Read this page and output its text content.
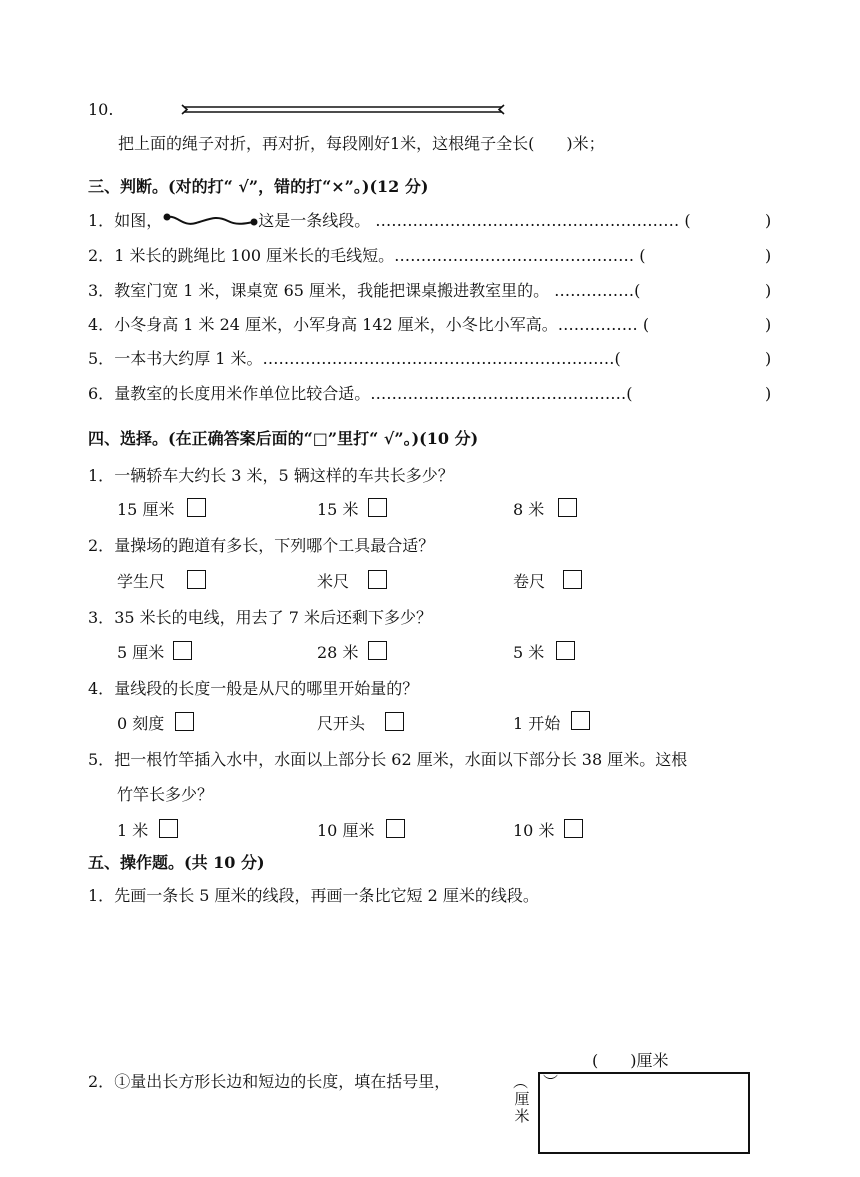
10.
把上面的绳子对折，再对折，每段刚好1米，这根绳子全长(　　)米；
三、判断。(对的打“ √”，错的打“×”。)(12 分)
1．如图，	这是一条线段。 ………………………………………………… (	)
2．1 米长的跳绳比 100 厘米长的毛线短。……………………………………… (	)
3．教室门宽 1 米，课桌宽 65 厘米，我能把课桌搬进教室里的。 ……………(	)
4．小冬身高 1 米 24 厘米，小军身高 142 厘米，小冬比小军高。…………… (	)
5．一本书大约厚 1 米。…………………………………………………………(	)
6．量教室的长度用米作单位比较合适。…………………………………………(	)
四、选择。(在正确答案后面的“□”里打“ √”。)(10 分)
1．一辆轿车大约长 3 米，5 辆这样的车共长多少？
15 厘米	15 米	8 米
2．量操场的跑道有多长，下列哪个工具最合适？
学生尺	米尺	卷尺
3．35 米长的电线，用去了 7 米后还剩下多少？
5 厘米	28 米	5 米
4．量线段的长度一般是从尺的哪里开始量的？
0 刻度	尺开头	1 开始
5．把一根竹竿插入水中，水面以上部分长 62 厘米，水面以下部分长 38 厘米。这根
竹竿长多少？
1 米	10 厘米	10 米
五、操作题。(共 10 分)
1．先画一条长 5 厘米的线段，再画一条比它短 2 厘米的线段。
(　　)厘米
2．①量出长方形长边和短边的长度，填在括号里，	︵　︶厘米
